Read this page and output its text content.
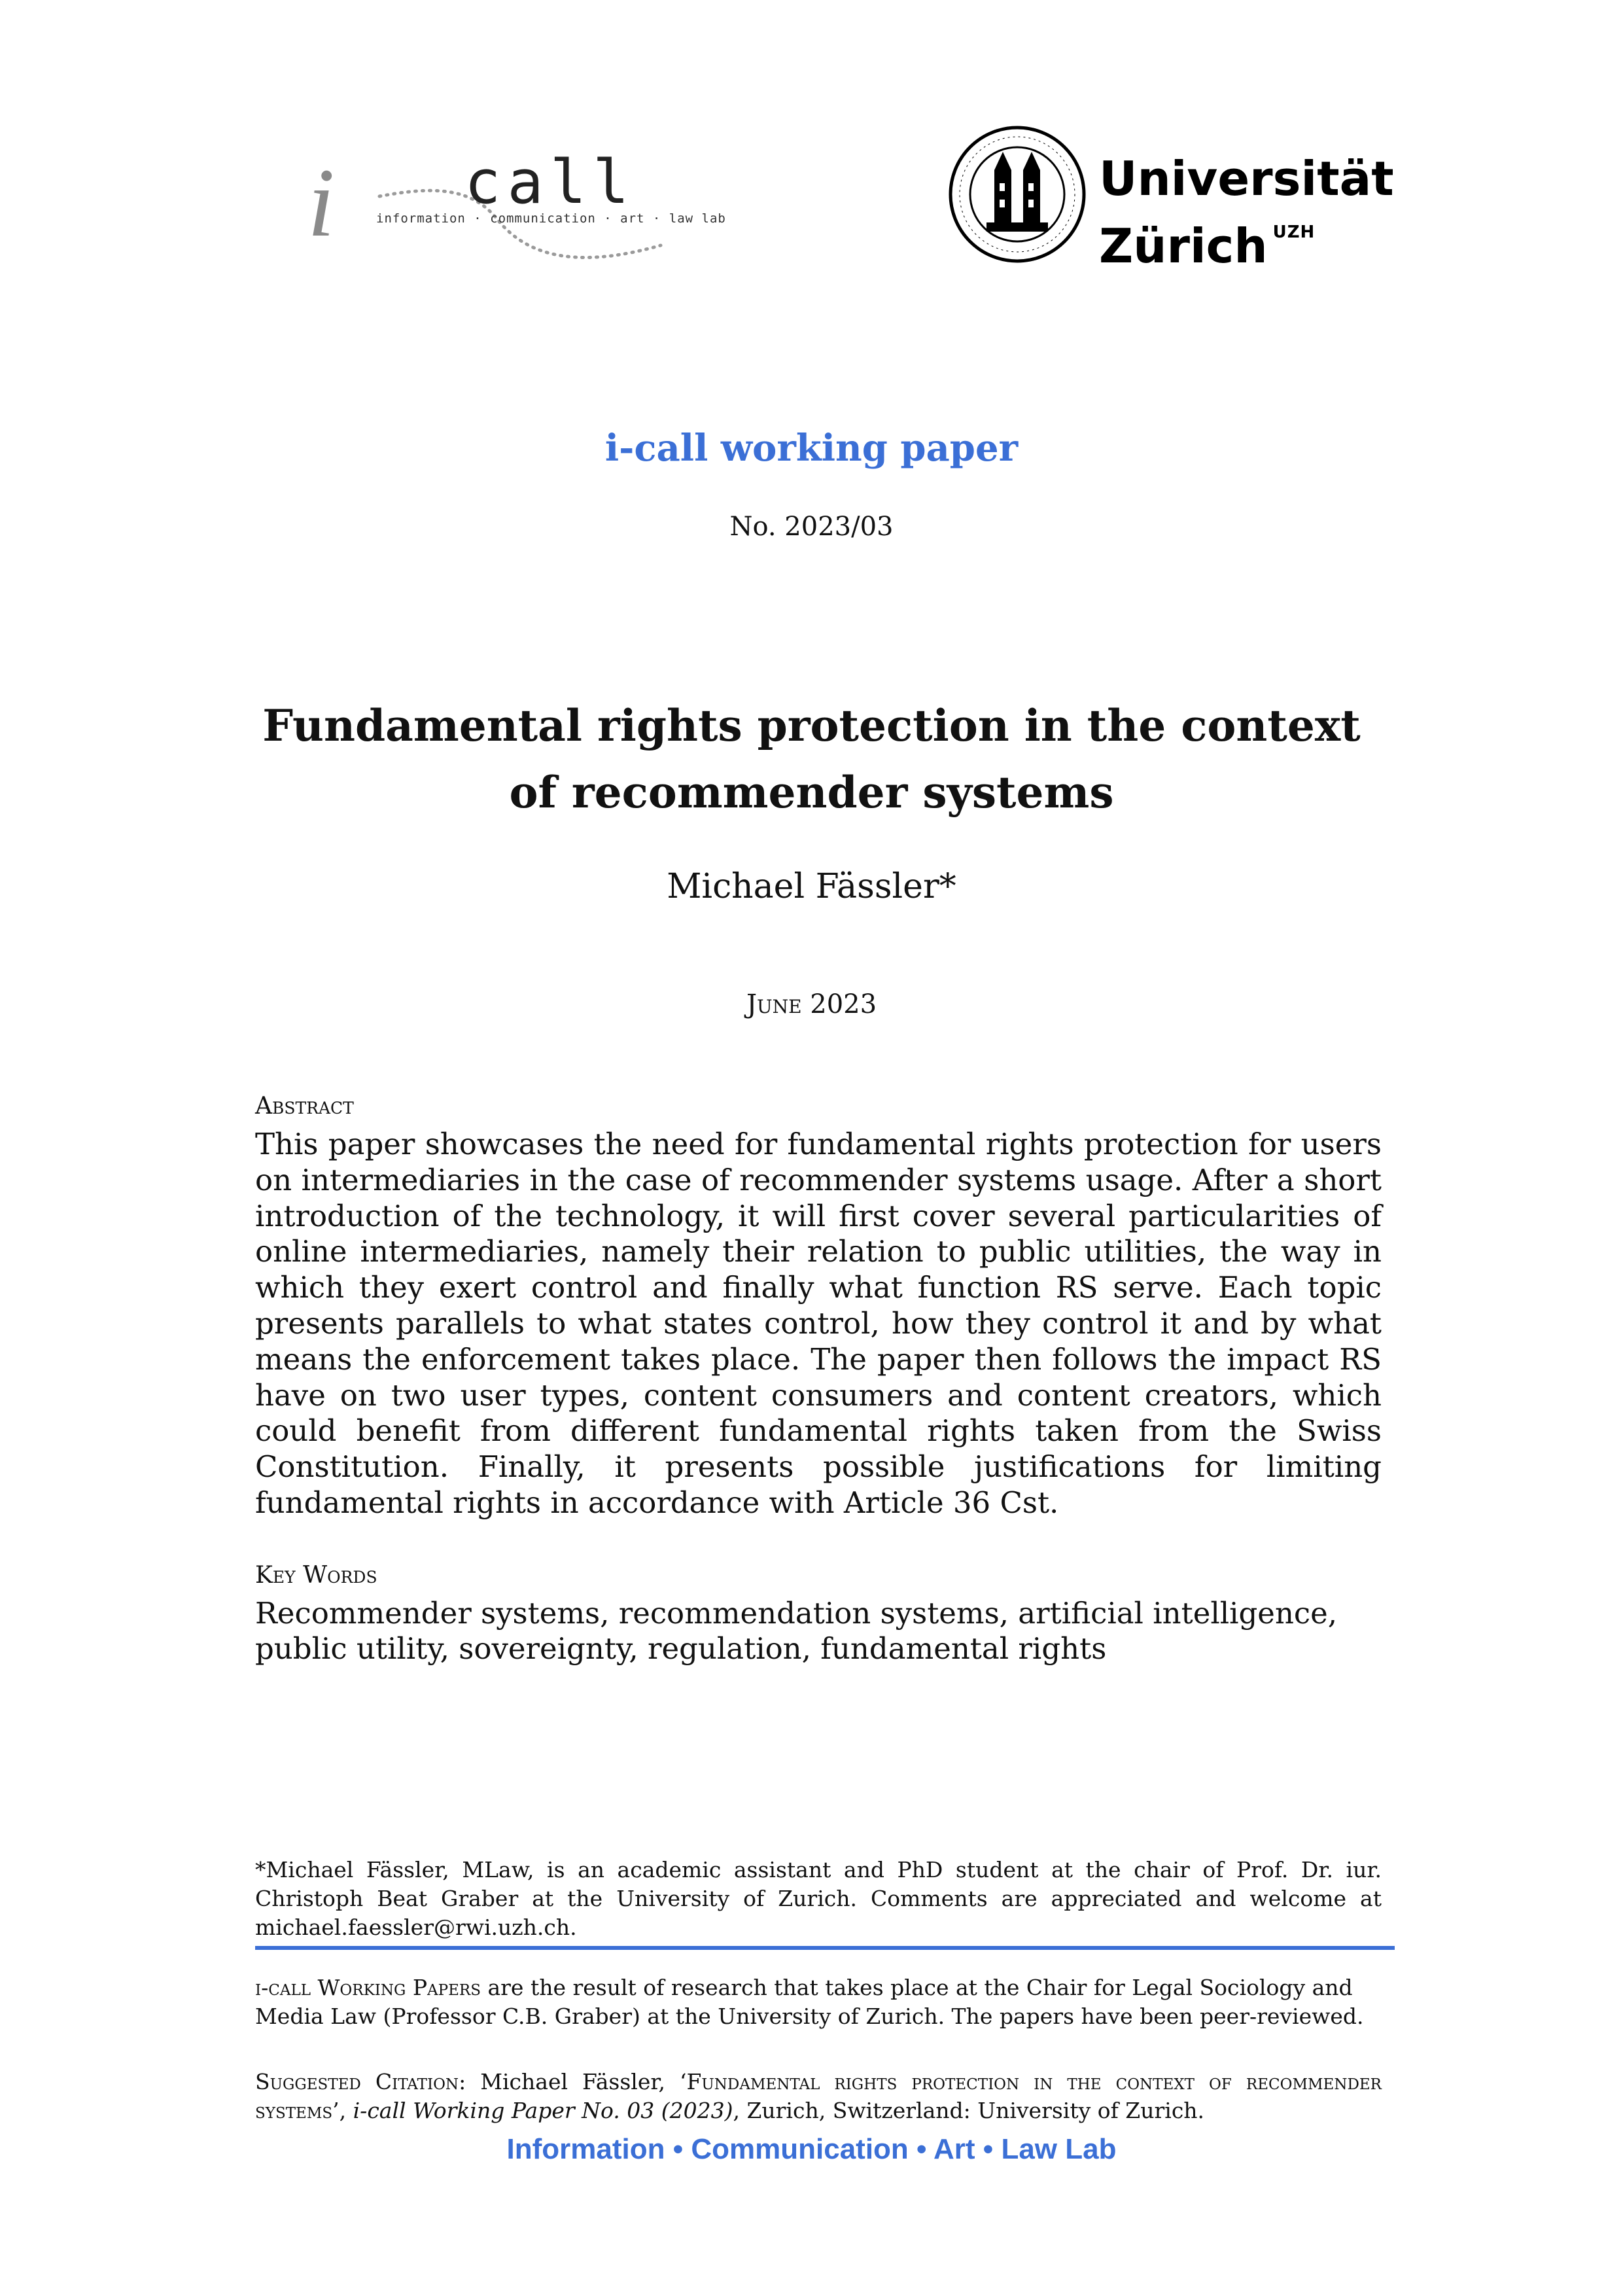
i call
information · communication · art · law lab
Universität
Zürich $^{UZH}$
i-call working paper
No. 2023/03
Fundamental rights protection in the context
of recommender systems
Michael Fässler*
June 2023
Abstract

This paper showcases the need for fundamental rights protection for users on intermediaries in the case of recommender systems usage. After a short introduction of the technology, it will first cover several particularities of online intermediaries, namely their relation to public utilities, the way in which they exert control and finally what function RS serve. Each topic presents parallels to what states control, how they control it and by what means the enforcement takes place. The paper then follows the impact RS have on two user types, content consumers and content creators, which could benefit from different fundamental rights taken from the Swiss Constitution. Finally, it presents possible justifications for limiting fundamental rights in accordance with Article 36 Cst.

Key Words

Recommender systems, recommendation systems, artificial intelligence, public utility, sovereignty, regulation, fundamental rights

*Michael Fässler, MLaw, is an academic assistant and PhD student at the chair of Prof. Dr. iur. Christoph Beat Graber at the University of Zurich. Comments are appreciated and welcome at michael.faessler@rwi.uzh.ch.

i-call Working Papers are the result of research that takes place at the Chair for Legal Sociology and Media Law (Professor C.B. Graber) at the University of Zurich. The papers have been peer-reviewed.

Suggested Citation: Michael Fässler, ‘Fundamental rights protection in the context of recommender systems’, i-call Working Paper No. 03 (2023), Zurich, Switzerland: University of Zurich.

Information • Communication • Art • Law Lab
